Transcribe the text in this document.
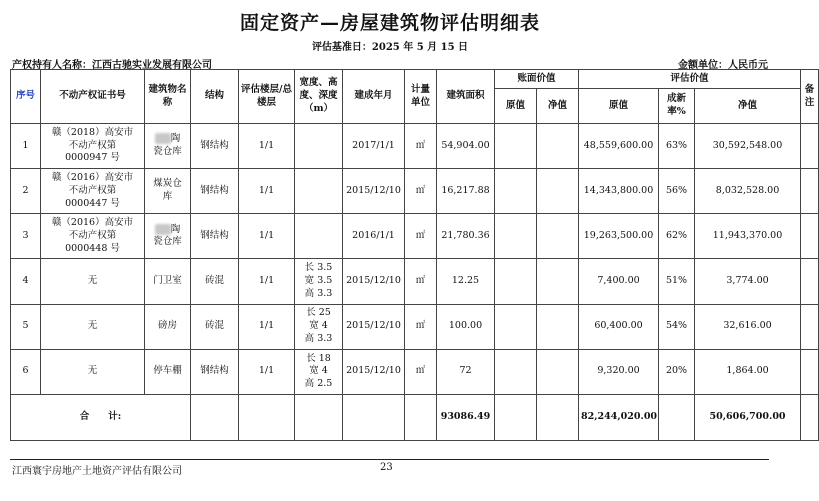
固定资产—房屋建筑物评估明细表
评估基准日：2025 年 5 月 15 日
产权持有人名称：江西古驰实业发展有限公司	金额单位：人民币元
序号	不动产权证书号	建筑物名称	结构	评估楼层/总楼层	宽度、高度、深度（m）	建成年月	计量单位	建筑面积	账面价值		评估价值			备注
									原值	净值	原值	成新率%	净值	
1	赣（2018）高安市
不动产权第
0000947 号	陶
瓷仓库	钢结构	1/1		2017/1/1	㎡	54,904.00			48,559,600.00	63%	30,592,548.00	
2	赣（2016）高安市
不动产权第
0000447 号	煤炭仓
库	钢结构	1/1		2015/12/10	㎡	16,217.88			14,343,800.00	56%	8,032,528.00	
3	赣（2016）高安市
不动产权第
0000448 号	陶
瓷仓库	钢结构	1/1		2016/1/1	㎡	21,780.36			19,263,500.00	62%	11,943,370.00	
4	无	门卫室	砖混	1/1	长 3.5
宽 3.5
高 3.3	2015/12/10	㎡	12.25			7,400.00	51%	3,774.00	
5	无	磅房	砖混	1/1	长 25
宽 4
高 3.3	2015/12/10	㎡	100.00			60,400.00	54%	32,616.00	
6	无	停车棚	钢结构	1/1	长 18
宽 4
高 2.5	2015/12/10	㎡	72			9,320.00	20%	1,864.00	
合　　计:								93086.49			82,244,020.00		50,606,700.00	
江西寰宇房地产土地资产评估有限公司	23
